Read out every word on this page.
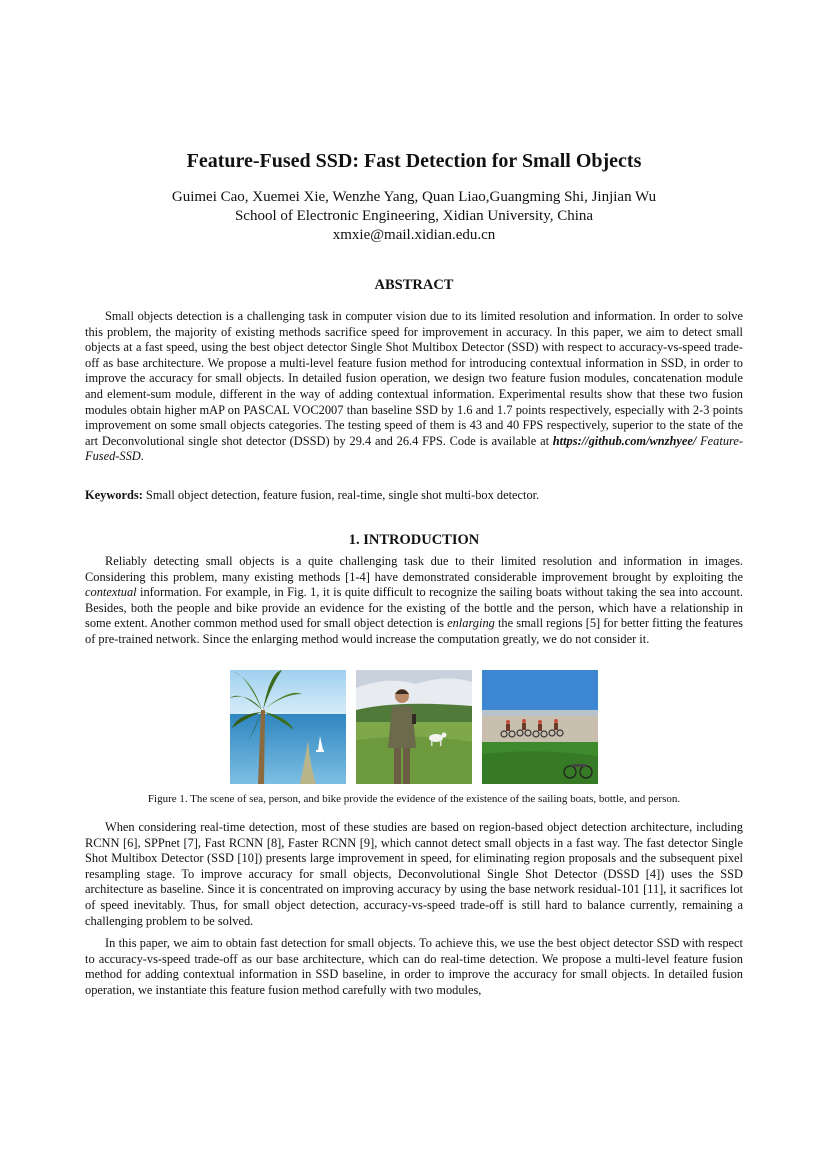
Feature-Fused SSD: Fast Detection for Small Objects
Guimei Cao, Xuemei Xie, Wenzhe Yang, Quan Liao,Guangming Shi, Jinjian Wu
School of Electronic Engineering, Xidian University, China
xmxie@mail.xidian.edu.cn
ABSTRACT

Small objects detection is a challenging task in computer vision due to its limited resolution and information. In order to solve this problem, the majority of existing methods sacrifice speed for improvement in accuracy. In this paper, we aim to detect small objects at a fast speed, using the best object detector Single Shot Multibox Detector (SSD) with respect to accuracy-vs-speed trade-off as base architecture. We propose a multi-level feature fusion method for introducing contextual information in SSD, in order to improve the accuracy for small objects. In detailed fusion operation, we design two feature fusion modules, concatenation module and element-sum module, different in the way of adding contextual information. Experimental results show that these two fusion modules obtain higher mAP on PASCAL VOC2007 than baseline SSD by 1.6 and 1.7 points respectively, especially with 2-3 points improvement on some small objects categories. The testing speed of them is 43 and 40 FPS respectively, superior to the state of the art Deconvolutional single shot detector (DSSD) by 29.4 and 26.4 FPS. Code is available at https://github.com/wnzhyee/ Feature-Fused-SSD.

Keywords: Small object detection, feature fusion, real-time, single shot multi-box detector.

1. INTRODUCTION

Reliably detecting small objects is a quite challenging task due to their limited resolution and information in images. Considering this problem, many existing methods [1-4] have demonstrated considerable improvement brought by exploiting the contextual information. For example, in Fig. 1, it is quite difficult to recognize the sailing boats without taking the sea into account. Besides, both the people and bike provide an evidence for the existing of the bottle and the person, which have a relationship in some extent. Another common method used for small object detection is enlarging the small regions [5] for better fitting the features of pre-trained network. Since the enlarging method would increase the computation greatly, we do not consider it.

Figure 1. The scene of sea, person, and bike provide the evidence of the existence of the sailing boats, bottle, and person.

When considering real-time detection, most of these studies are based on region-based object detection architecture, including RCNN [6], SPPnet [7], Fast RCNN [8], Faster RCNN [9], which cannot detect small objects in a fast way. The fast detector Single Shot Multibox Detector (SSD [10]) presents large improvement in speed, for eliminating region proposals and the subsequent pixel resampling stage. To improve accuracy for small objects, Deconvolutional Single Shot Detector (DSSD [4]) uses the SSD architecture as baseline. Since it is concentrated on improving accuracy by using the base network residual-101 [11], it sacrifices lot of speed inevitably. Thus, for small object detection, accuracy-vs-speed trade-off is still hard to balance currently, remaining a challenging problem to be solved.

In this paper, we aim to obtain fast detection for small objects. To achieve this, we use the best object detector SSD with respect to accuracy-vs-speed trade-off as our base architecture, which can do real-time detection. We propose a multi-level feature fusion method for adding contextual information in SSD baseline, in order to improve the accuracy for small objects. In detailed fusion operation, we instantiate this feature fusion method carefully with two modules,
